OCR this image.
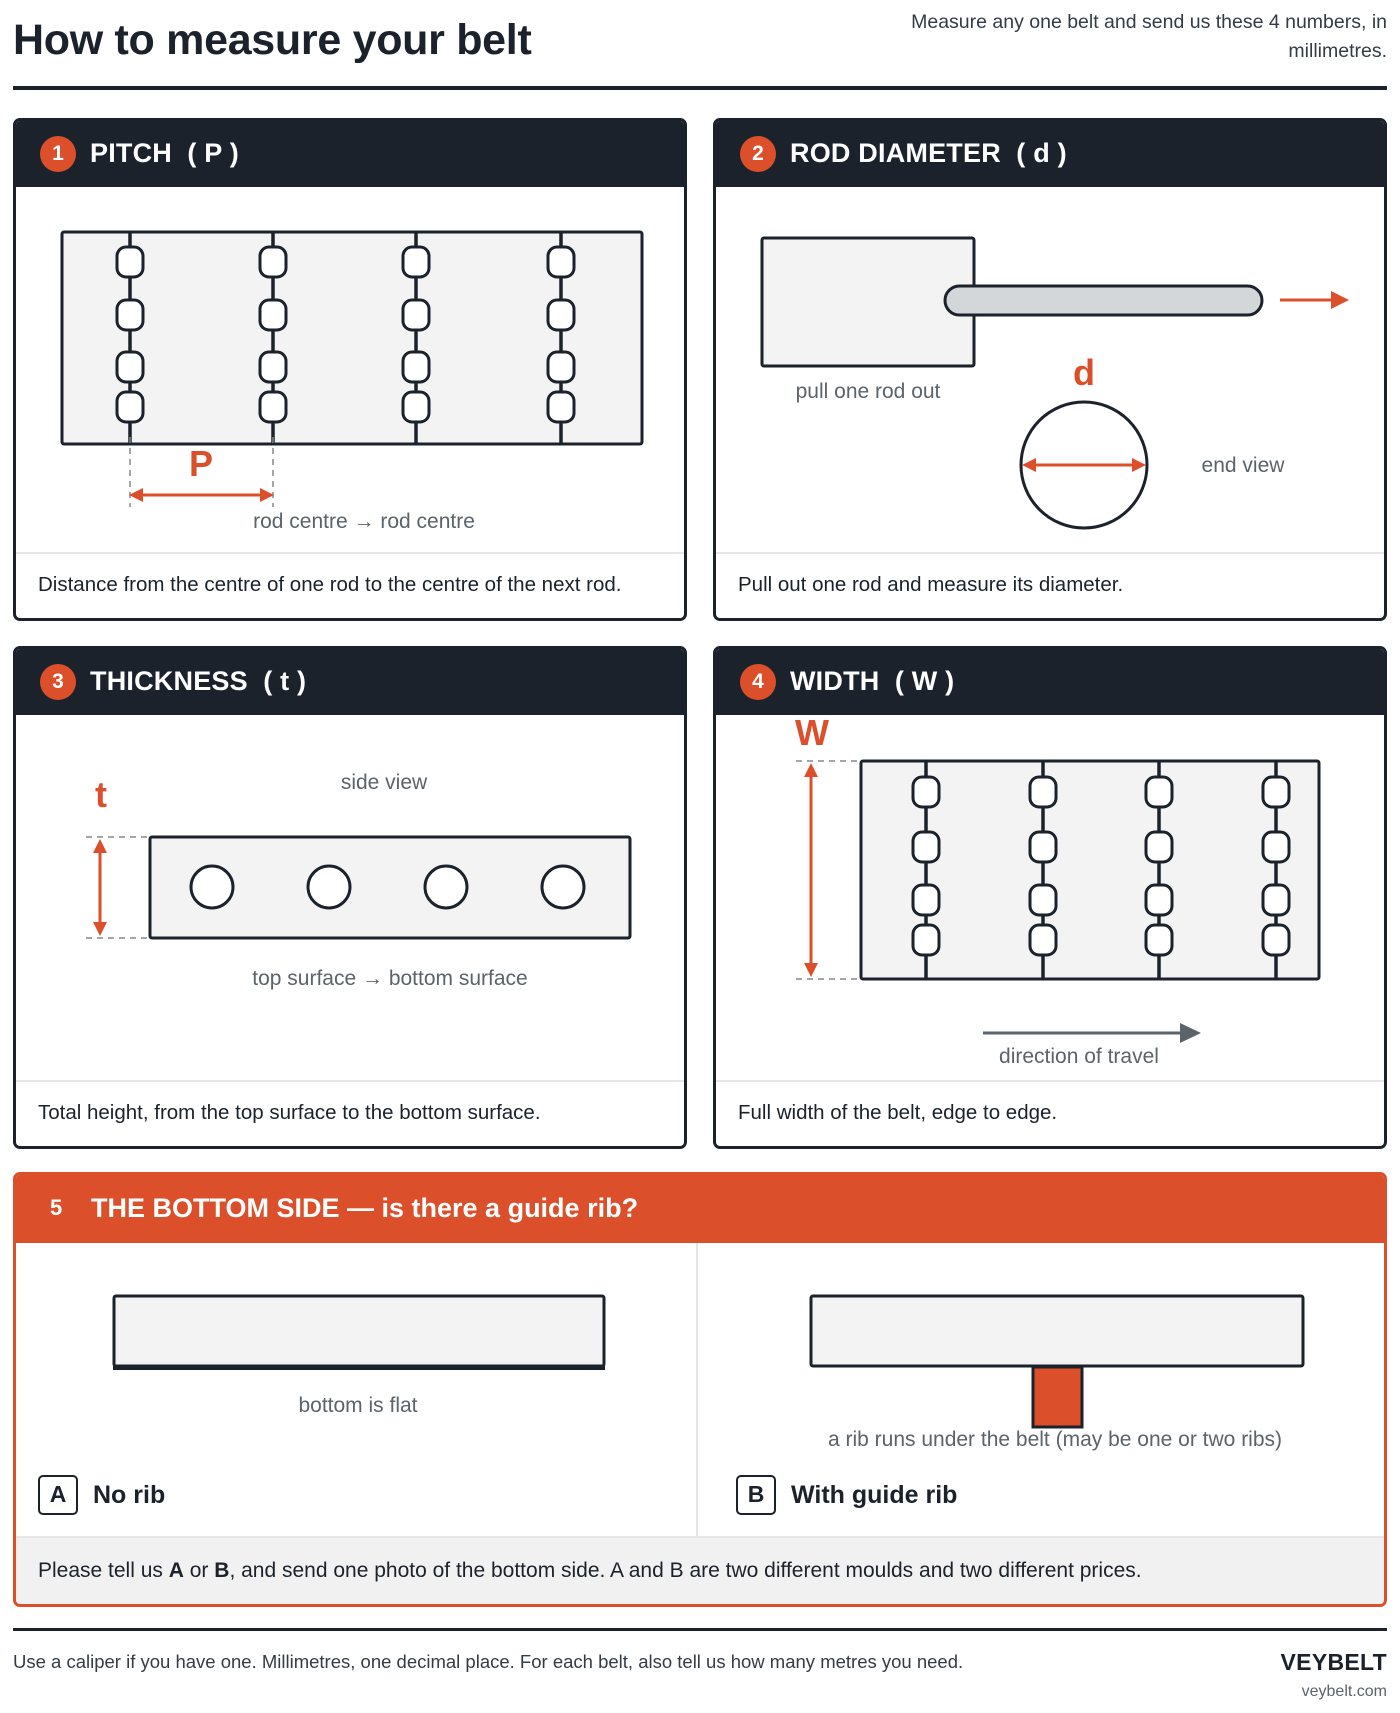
How to measure your belt	Measure any one belt and send us these 4 numbers, in millimetres.
1 PITCH  ( P )
P
rod centre → rod centre
Distance from the centre of one rod to the centre of the next rod.
2 ROD DIAMETER  ( d )
pull one rod out	d
end view
Pull out one rod and measure its diameter.
3 THICKNESS  ( t )
side view
t
top surface → bottom surface
Total height, from the top surface to the bottom surface.
4 WIDTH  ( W )
W
direction of travel
Full width of the belt, edge to edge.
5 THE BOTTOM SIDE — is there a guide rib?
bottom is flat
A	No rib
a rib runs under the belt (may be one or two ribs)
B	With guide rib
Please tell us A or B, and send one photo of the bottom side. A and B are two different moulds and two different prices.
Use a caliper if you have one. Millimetres, one decimal place. For each belt, also tell us how many metres you need.	VEYBELT
veybelt.com
